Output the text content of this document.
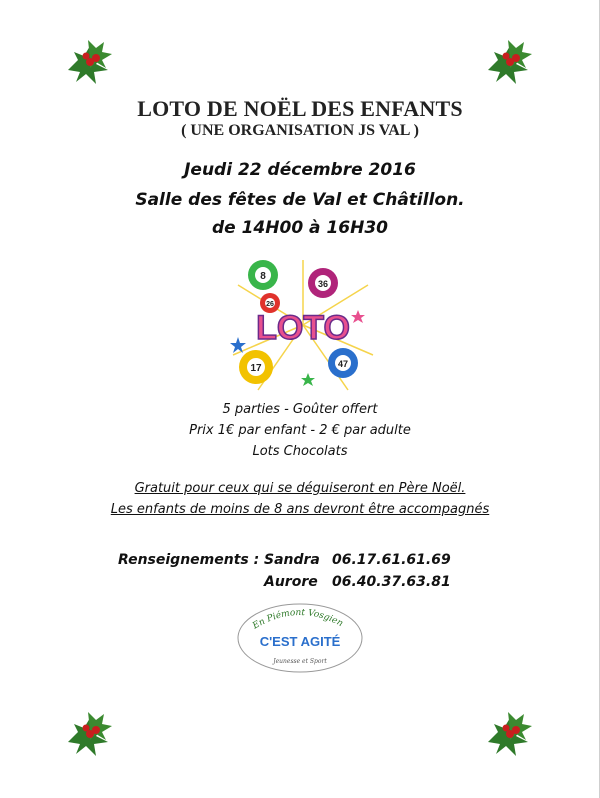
LOTO DE NOËL DES ENFANTS
( UNE ORGANISATION JS VAL )
Jeudi 22 décembre 2016
Salle des fêtes de Val et Châtillon.
de 14H00 à 16H30
8
36
26
LOTO
47
17
5 parties - Goûter offert
Prix 1€ par enfant - 2 € par adulte
Lots Chocolats
Gratuit pour ceux qui se déguiseront en Père Noël.
Les enfants de moins de 8 ans devront être accompagnés
Renseignements : Sandra 06.17.61.61.69
Aurore 06.40.37.63.81
En Piémont Vosgien
C'EST AGITÉ
Jeunesse et Sport
